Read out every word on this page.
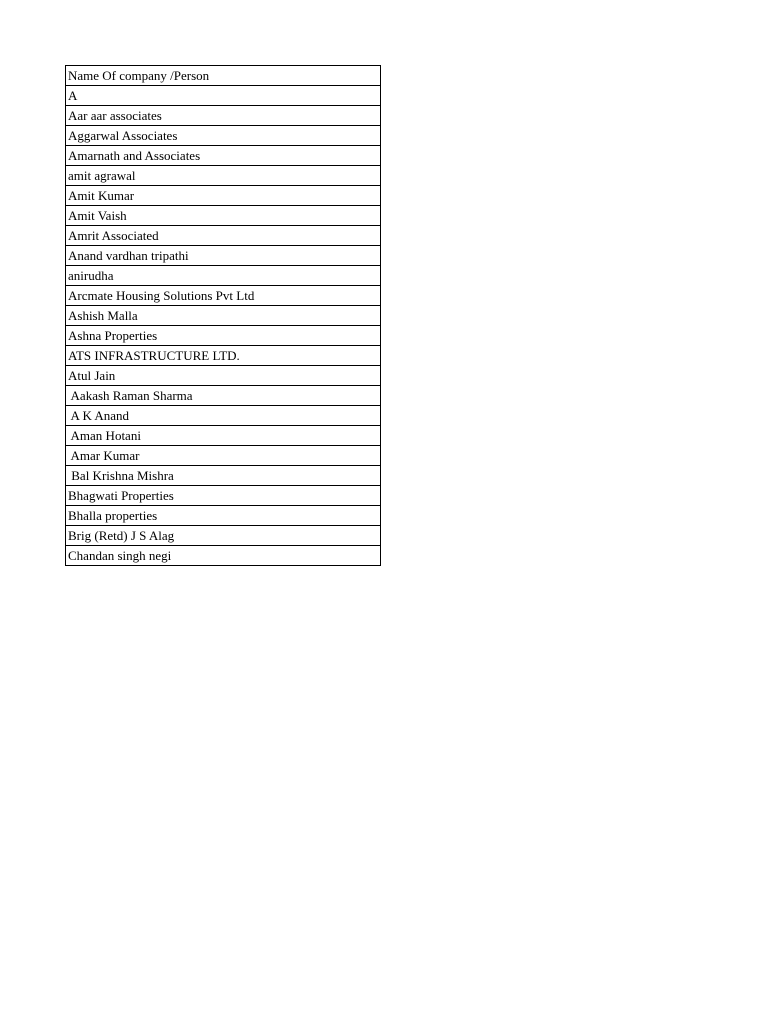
Name Of company /Person
A
Aar aar associates
Aggarwal Associates
Amarnath and Associates
amit agrawal
Amit Kumar
Amit Vaish
Amrit Associated
Anand vardhan tripathi
anirudha
Arcmate Housing Solutions Pvt Ltd
Ashish Malla
Ashna Properties
ATS INFRASTRUCTURE LTD.
Atul Jain
Aakash Raman Sharma
A K Anand
Aman Hotani
Amar Kumar
Bal Krishna Mishra
Bhagwati Properties
Bhalla properties
Brig (Retd) J S Alag
Chandan singh negi
